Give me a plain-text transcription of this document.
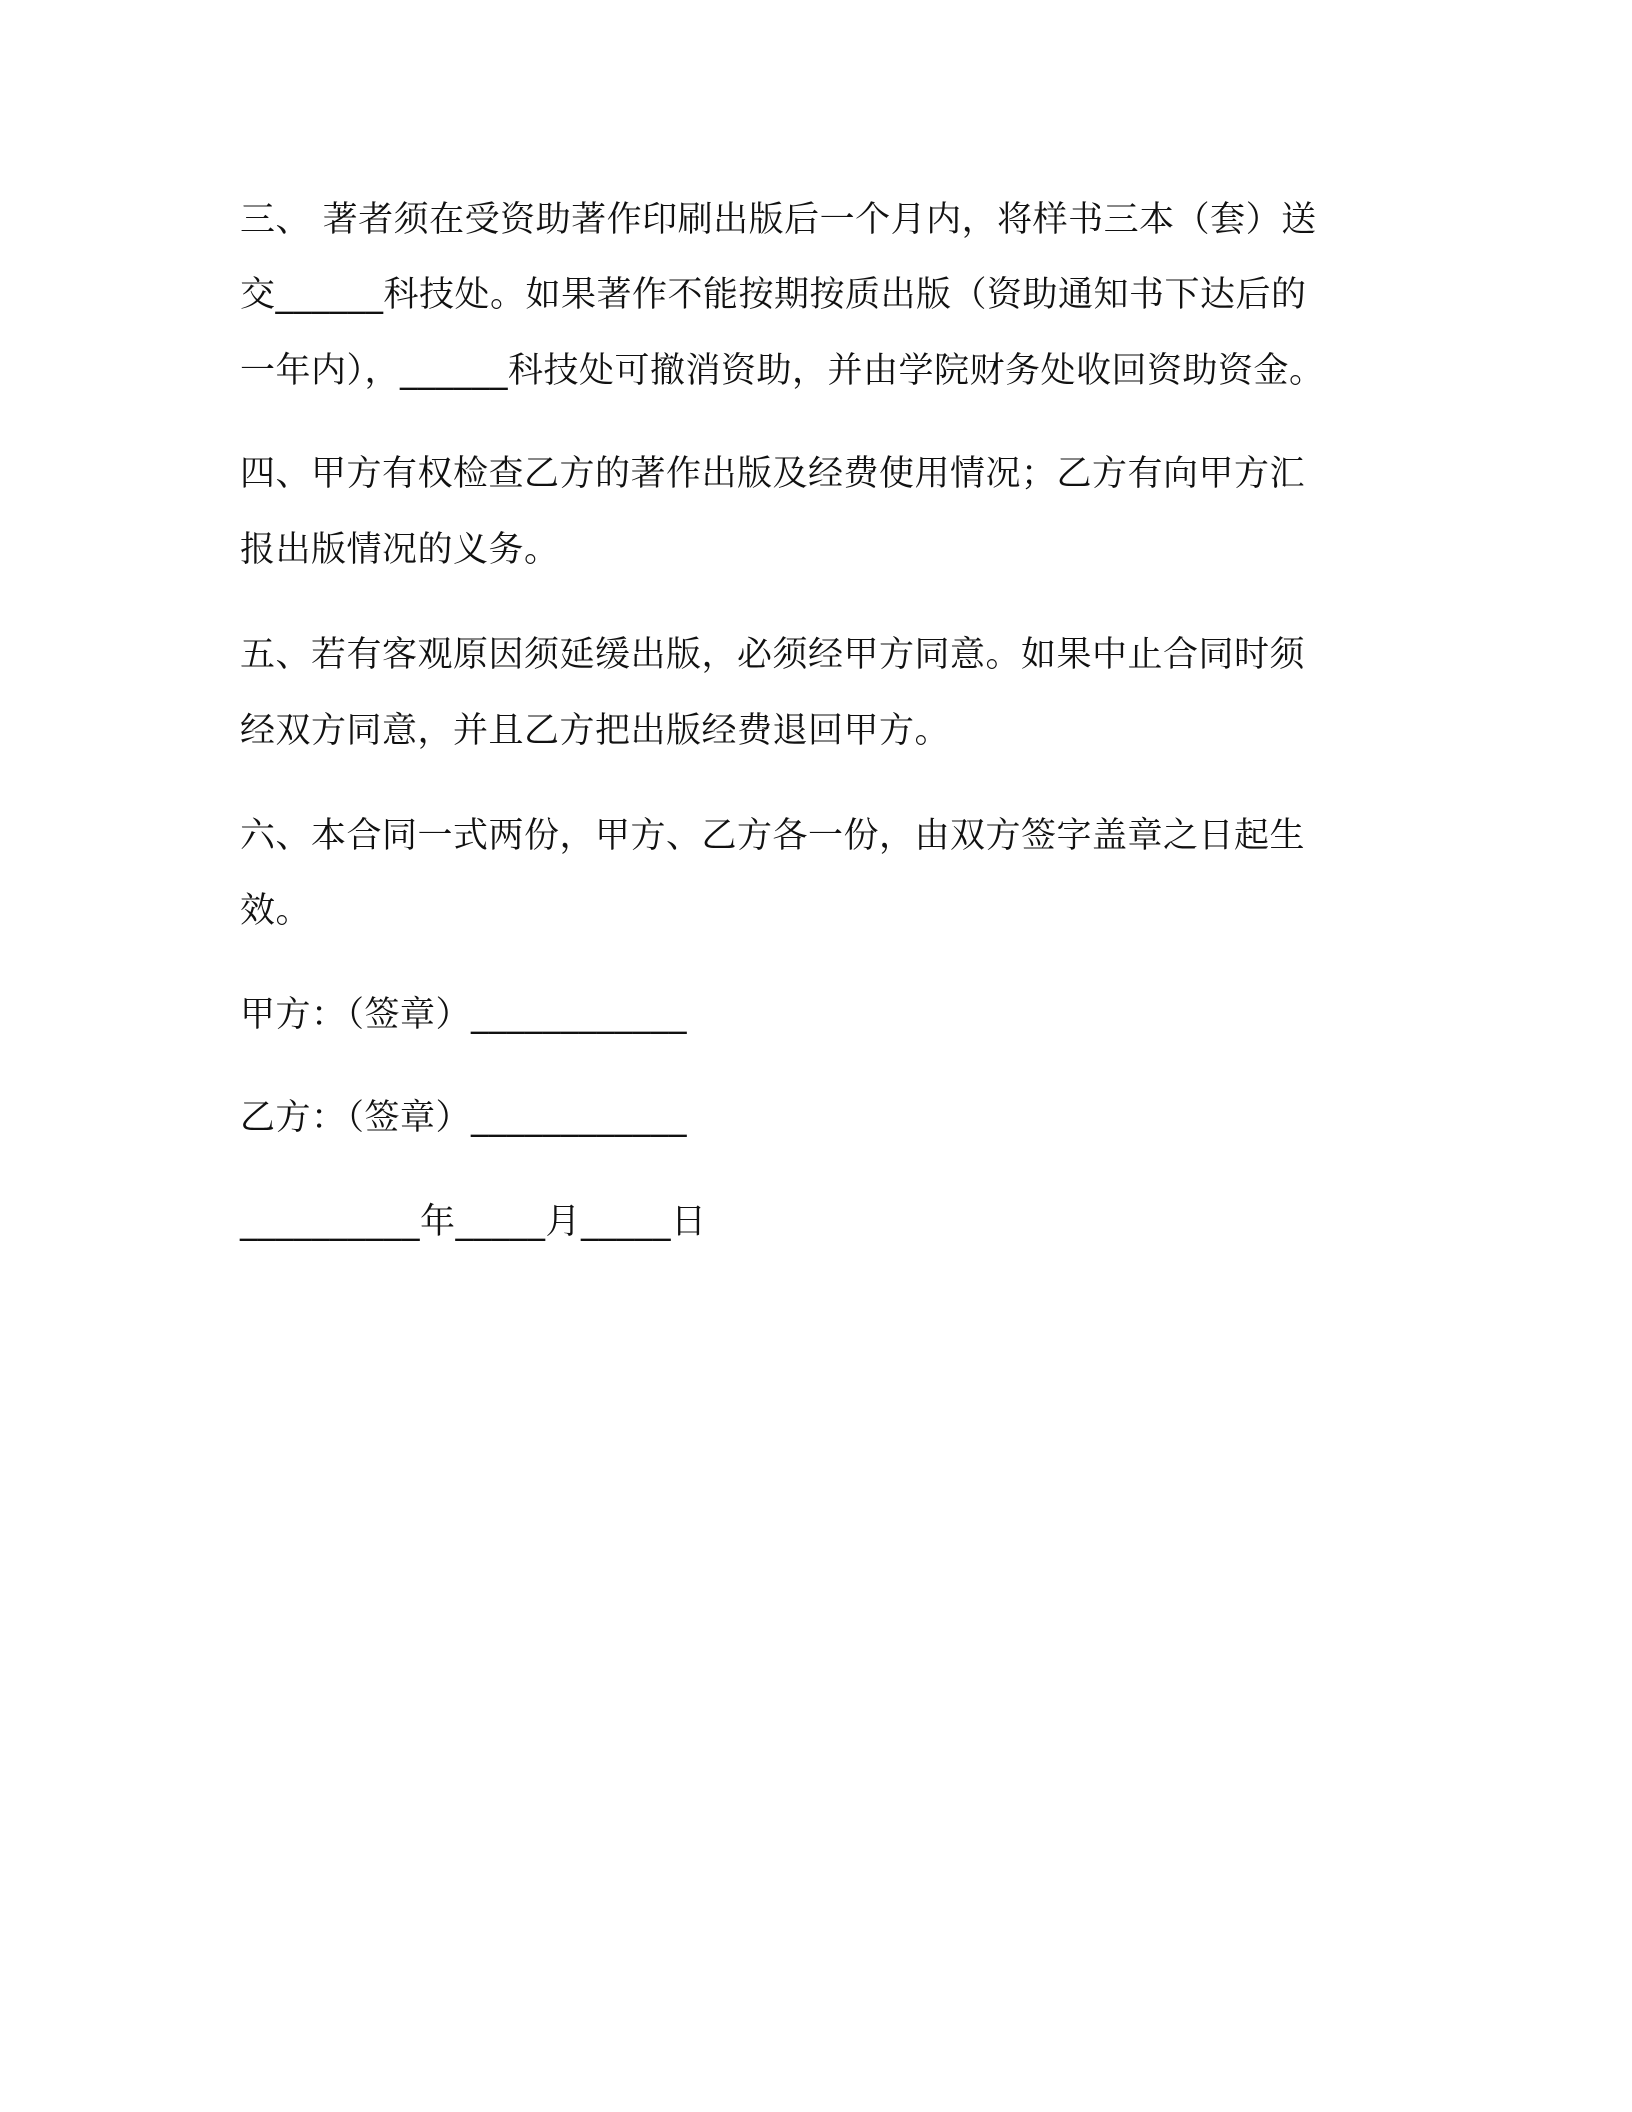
三、 著者须在受资助著作印刷出版后一个月内，将样书三本（套）送
交______科技处。如果著作不能按期按质出版（资助通知书下达后的
一年内），______科技处可撤消资助，并由学院财务处收回资助资金。
四、甲方有权检查乙方的著作出版及经费使用情况；乙方有向甲方汇
报出版情况的义务。
五、若有客观原因须延缓出版，必须经甲方同意。如果中止合同时须
经双方同意，并且乙方把出版经费退回甲方。
六、本合同一式两份，甲方、乙方各一份，由双方签字盖章之日起生
效。
甲方：（签章）____________
乙方：（签章）____________
__________年_____月_____日
